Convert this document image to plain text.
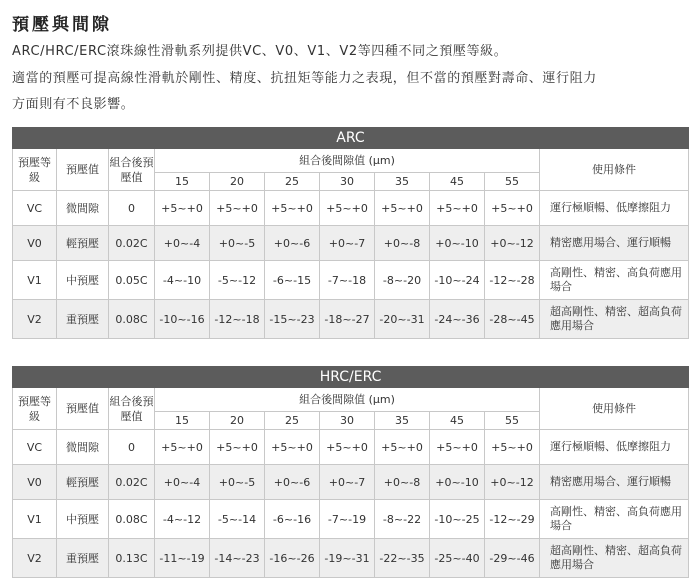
預壓與間隙
ARC/HRC/ERC滾珠線性滑軌系列提供VC、V0、V1、V2等四種不同之預壓等級。
適當的預壓可提高線性滑軌於剛性、精度、抗扭矩等能力之表現，但不當的預壓對壽命、運行阻力
方面則有不良影響。
ARC										
預壓等級	預壓值	組合後預壓值	組合後間隙值 (μm)							使用條件
			15	20	25	30	35	45	55	
VC	微間隙	0	+5~+0	+5~+0	+5~+0	+5~+0	+5~+0	+5~+0	+5~+0	運行極順暢、低摩擦阻力

V0	輕預壓	0.02C	+0~-4	+0~-5	+0~-6	+0~-7	+0~-8	+0~-10	+0~-12	精密應用場合、運行順暢

V1	中預壓	0.05C	-4~-10	-5~-12	-6~-15	-7~-18	-8~-20	-10~-24	-12~-28	高剛性、精密、高負荷應用場合

V2	重預壓	0.08C	-10~-16	-12~-18	-15~-23	-18~-27	-20~-31	-24~-36	-28~-45	超高剛性、精密、超高負荷應用場合
HRC/ERC										
預壓等級	預壓值	組合後預壓值	組合後間隙值 (μm)							使用條件
			15	20	25	30	35	45	55	
VC	微間隙	0	+5~+0	+5~+0	+5~+0	+5~+0	+5~+0	+5~+0	+5~+0	運行極順暢、低摩擦阻力

V0	輕預壓	0.02C	+0~-4	+0~-5	+0~-6	+0~-7	+0~-8	+0~-10	+0~-12	精密應用場合、運行順暢

V1	中預壓	0.08C	-4~-12	-5~-14	-6~-16	-7~-19	-8~-22	-10~-25	-12~-29	高剛性、精密、高負荷應用場合

V2	重預壓	0.13C	-11~-19	-14~-23	-16~-26	-19~-31	-22~-35	-25~-40	-29~-46	超高剛性、精密、超高負荷應用場合
